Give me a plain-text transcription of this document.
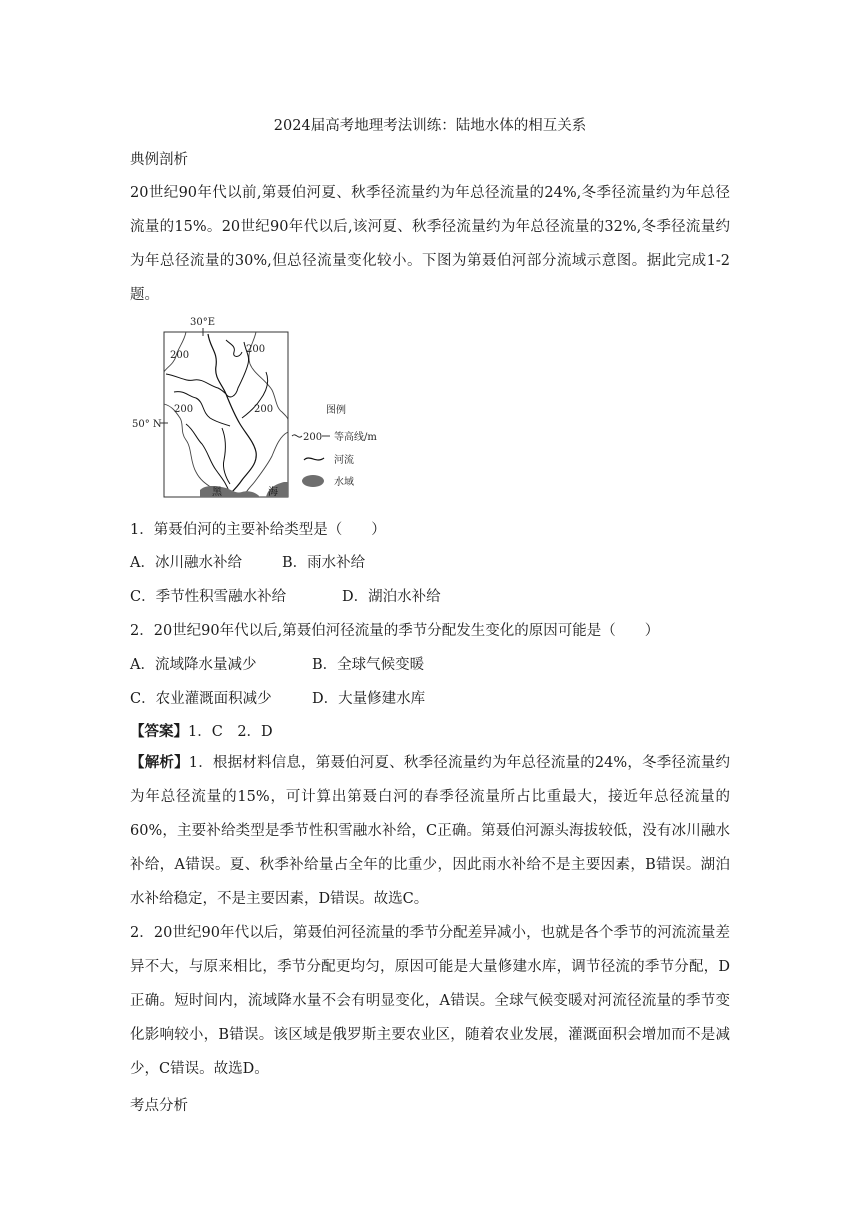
2024届高考地理考法训练：陆地水体的相互关系
典例剖析
20世纪90年代以前,第聂伯河夏、秋季径流量约为年总径流量的24%,冬季径流量约为年总径流量的15%。20世纪90年代以后,该河夏、秋季径流量约为年总径流量的32%,冬季径流量约为年总径流量的30%,但总径流量变化较小。下图为第聂伯河部分流域示意图。据此完成1-2题。
30°E
50° N
200
200	200
200
黑	海
图例
200 等高线/m
河流
水域
1．第聂伯河的主要补给类型是（　　）
A．冰川融水补给	B．雨水补给
C．季节性积雪融水补给	D．湖泊水补给
2．20世纪90年代以后,第聂伯河径流量的季节分配发生变化的原因可能是（　　）
A．流域降水量减少	B．全球气候变暖
C．农业灌溉面积减少	D．大量修建水库
【答案】1．C　2．D
【解析】1．根据材料信息，第聂伯河夏、秋季径流量约为年总径流量的24%，冬季径流量约为年总径流量的15%，可计算出第聂白河的春季径流量所占比重最大，接近年总径流量的60%，主要补给类型是季节性积雪融水补给，C正确。第聂伯河源头海拔较低，没有冰川融水补给，A错误。夏、秋季补给量占全年的比重少，因此雨水补给不是主要因素，B错误。湖泊水补给稳定，不是主要因素，D错误。故选C。
2．20世纪90年代以后，第聂伯河径流量的季节分配差异减小，也就是各个季节的河流流量差异不大，与原来相比，季节分配更均匀，原因可能是大量修建水库，调节径流的季节分配，D正确。短时间内，流域降水量不会有明显变化，A错误。全球气候变暖对河流径流量的季节变化影响较小，B错误。该区域是俄罗斯主要农业区，随着农业发展，灌溉面积会增加而不是减少，C错误。故选D。
考点分析
